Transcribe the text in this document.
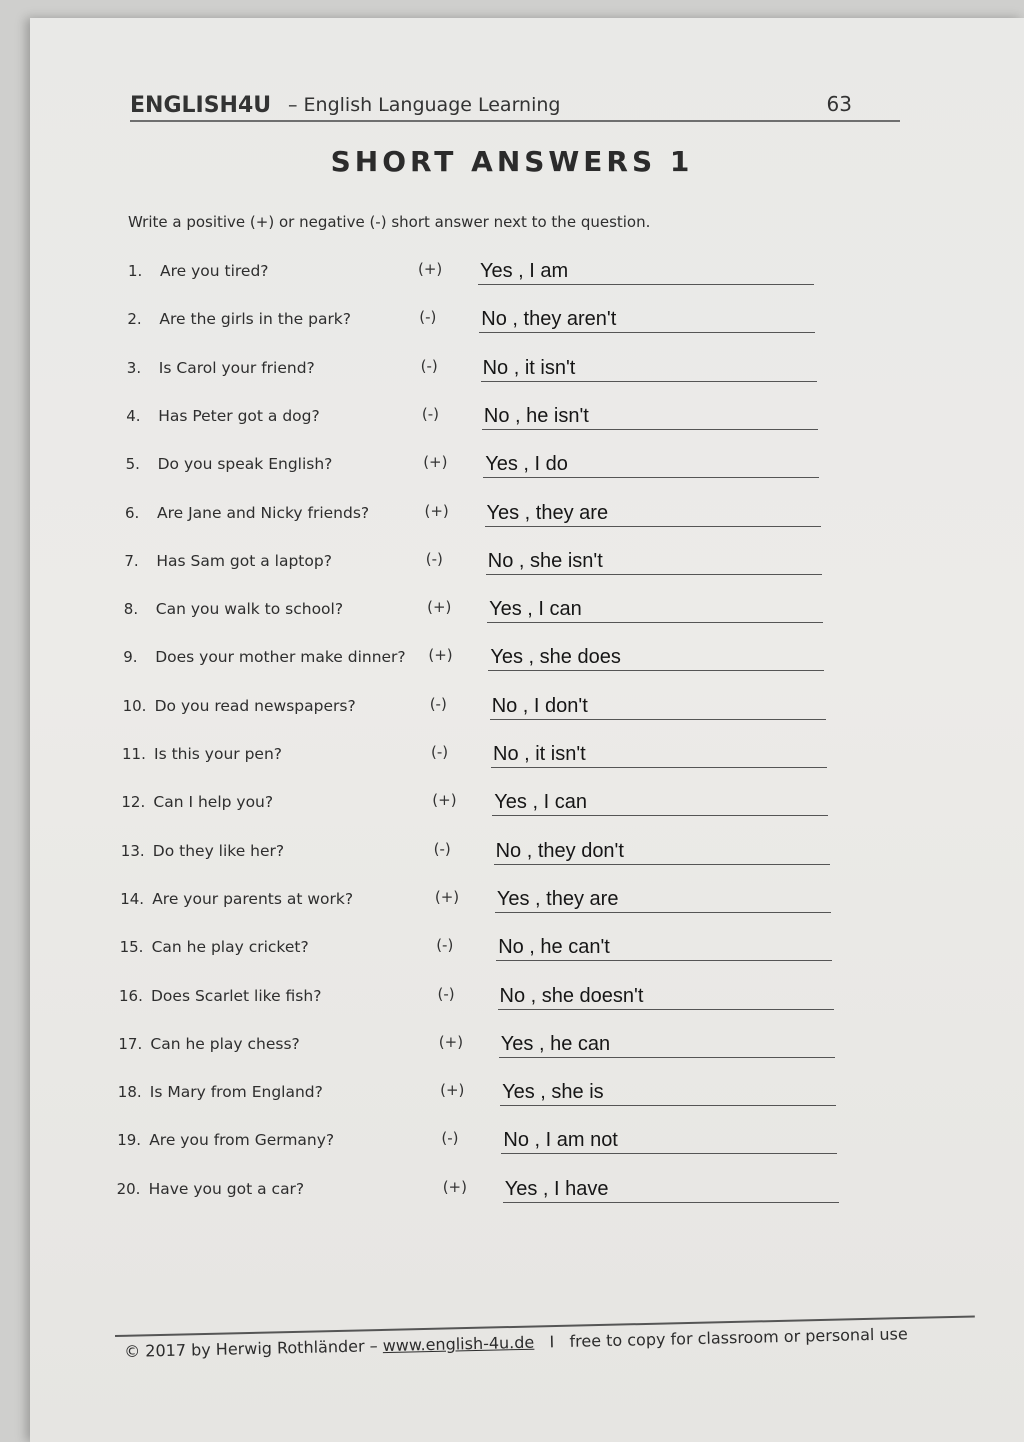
ENGLISH4U – English Language Learning	63
SHORT ANSWERS 1
Write a positive (+) or negative (-) short answer next to the question.
1. Are you tired?	(+) Yes , I am
2. Are the girls in the park?	(-) No , they aren't
3. Is Carol your friend?	(-) No , it isn't
4. Has Peter got a dog?	(-) No , he isn't
5. Do you speak English?	(+) Yes , I do
6. Are Jane and Nicky friends?	(+) Yes , they are
7. Has Sam got a laptop?	(-) No , she isn't
8. Can you walk to school?	(+) Yes , I can
9. Does your mother make dinner? (+) Yes , she does
10. Do you read newspapers?	(-) No , I don't
11. Is this your pen?	(-) No , it isn't
12. Can I help you?	(+) Yes , I can
13. Do they like her?	(-) No , they don't
14. Are your parents at work?	(+) Yes , they are
15. Can he play cricket?	(-) No , he can't
16. Does Scarlet like fish?	(-) No , she doesn't
17. Can he play chess?	(+) Yes , he can
18. Is Mary from England?	(+) Yes , she is
19. Are you from Germany?	(-) No , I am not
20. Have you got a car?	(+) Yes , I have
© 2017 by Herwig Rothländer – www.english-4u.de I free to copy for classroom or personal use
